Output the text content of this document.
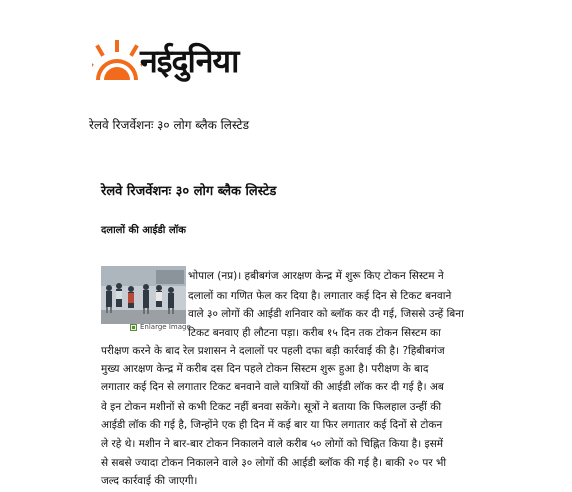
नईदुनिया
रेलवे रिजर्वेशनः ३० लोग ब्लैक लिस्टेड
रेलवे रिजर्वेशनः ३० लोग ब्लैक लिस्टेड
दलालों की आईडी लॉक
Enlarge Image
भोपाल (नप्र)। हबीबगंज आरक्षण केन्द्र में शुरू किए टोकन सिस्टम ने
दलालों का गणित फेल कर दिया है। लगातार कई दिन से टिकट बनवाने
वाले ३० लोगों की आईडी शनिवार को ब्लॉक कर दी गई, जिससे उन्हें बिना
टिकट बनवाए ही लौटना पड़ा। करीब १५ दिन तक टोकन सिस्टम का
परीक्षण करने के बाद रेल प्रशासन ने दलालों पर पहली दफा बड़ी कार्रवाई की है। ?हिबीबगंज
मुख्य आरक्षण केन्द्र में करीब दस दिन पहले टोकन सिस्टम शुरू हुआ है। परीक्षण के बाद
लगातार कई दिन से लगातार टिकट बनवाने वाले यात्रियों की आईडी लॉक कर दी गई है। अब
वे इन टोकन मशीनों से कभी टिकट नहीं बनवा सकेंगे। सूत्रों ने बताया कि फिलहाल उन्हीं की
आईडी लॉक की गई है, जिन्होंने एक ही दिन में कई बार या फिर लगातार कई दिनों से टोकन
ले रहे थे। मशीन ने बार-बार टोकन निकालने वाले करीब ५० लोगों को चिह्नित किया है। इसमें
से सबसे ज्यादा टोकन निकालने वाले ३० लोगों की आईडी ब्लॉक की गई है। बाकी २० पर भी
जल्द कार्रवाई की जाएगी।
